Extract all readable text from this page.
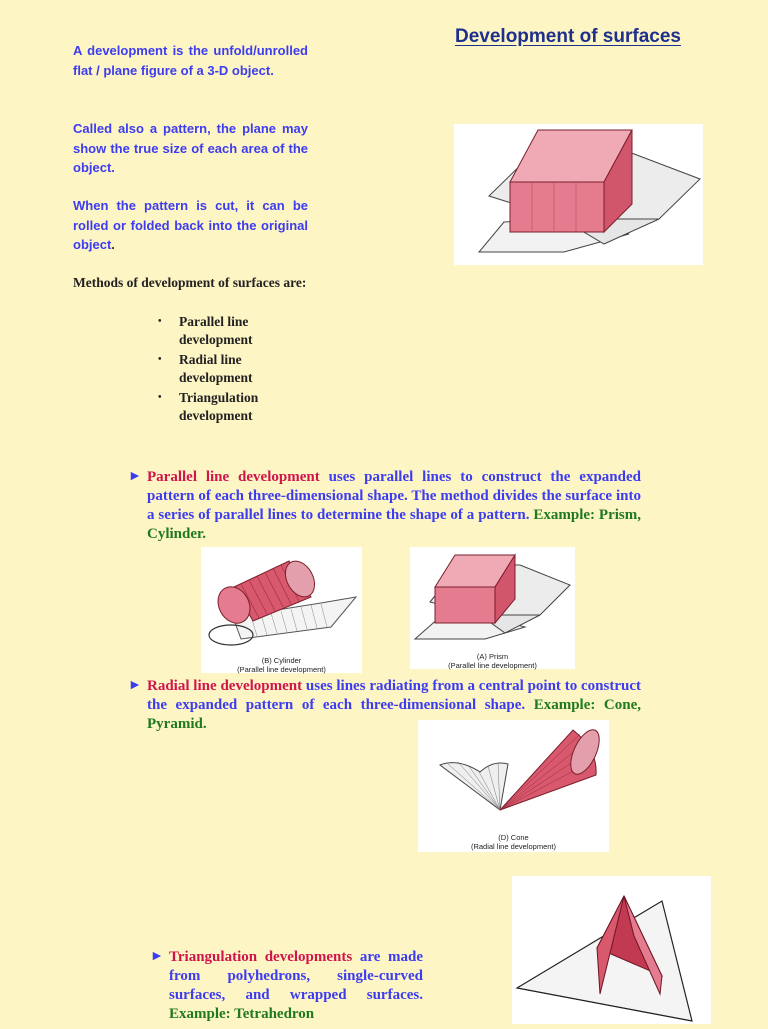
Development of surfaces
A development is the unfold/unrolled flat / plane figure of a 3-D object.
Called also a pattern, the plane may show the true size of each area of the object.
When the pattern is cut, it can be rolled or folded back into the original object.
Methods of development of surfaces are:
• Parallel line development
• Radial line development
• Triangulation development
► Parallel line development uses parallel lines to construct the expanded pattern of each three-dimensional shape. The method divides the surface into a series of parallel lines to determine the shape of a pattern. Example: Prism, Cylinder.
(B) Cylinder
(Parallel line development)
(A) Prism
(Parallel line development)
► Radial line development uses lines radiating from a central point to construct the expanded pattern of each three-dimensional shape. Example: Cone, Pyramid.
(D) Cone
(Radial line development)
► Triangulation developments are made from polyhedrons, single-curved surfaces, and wrapped surfaces. Example: Tetrahedron
